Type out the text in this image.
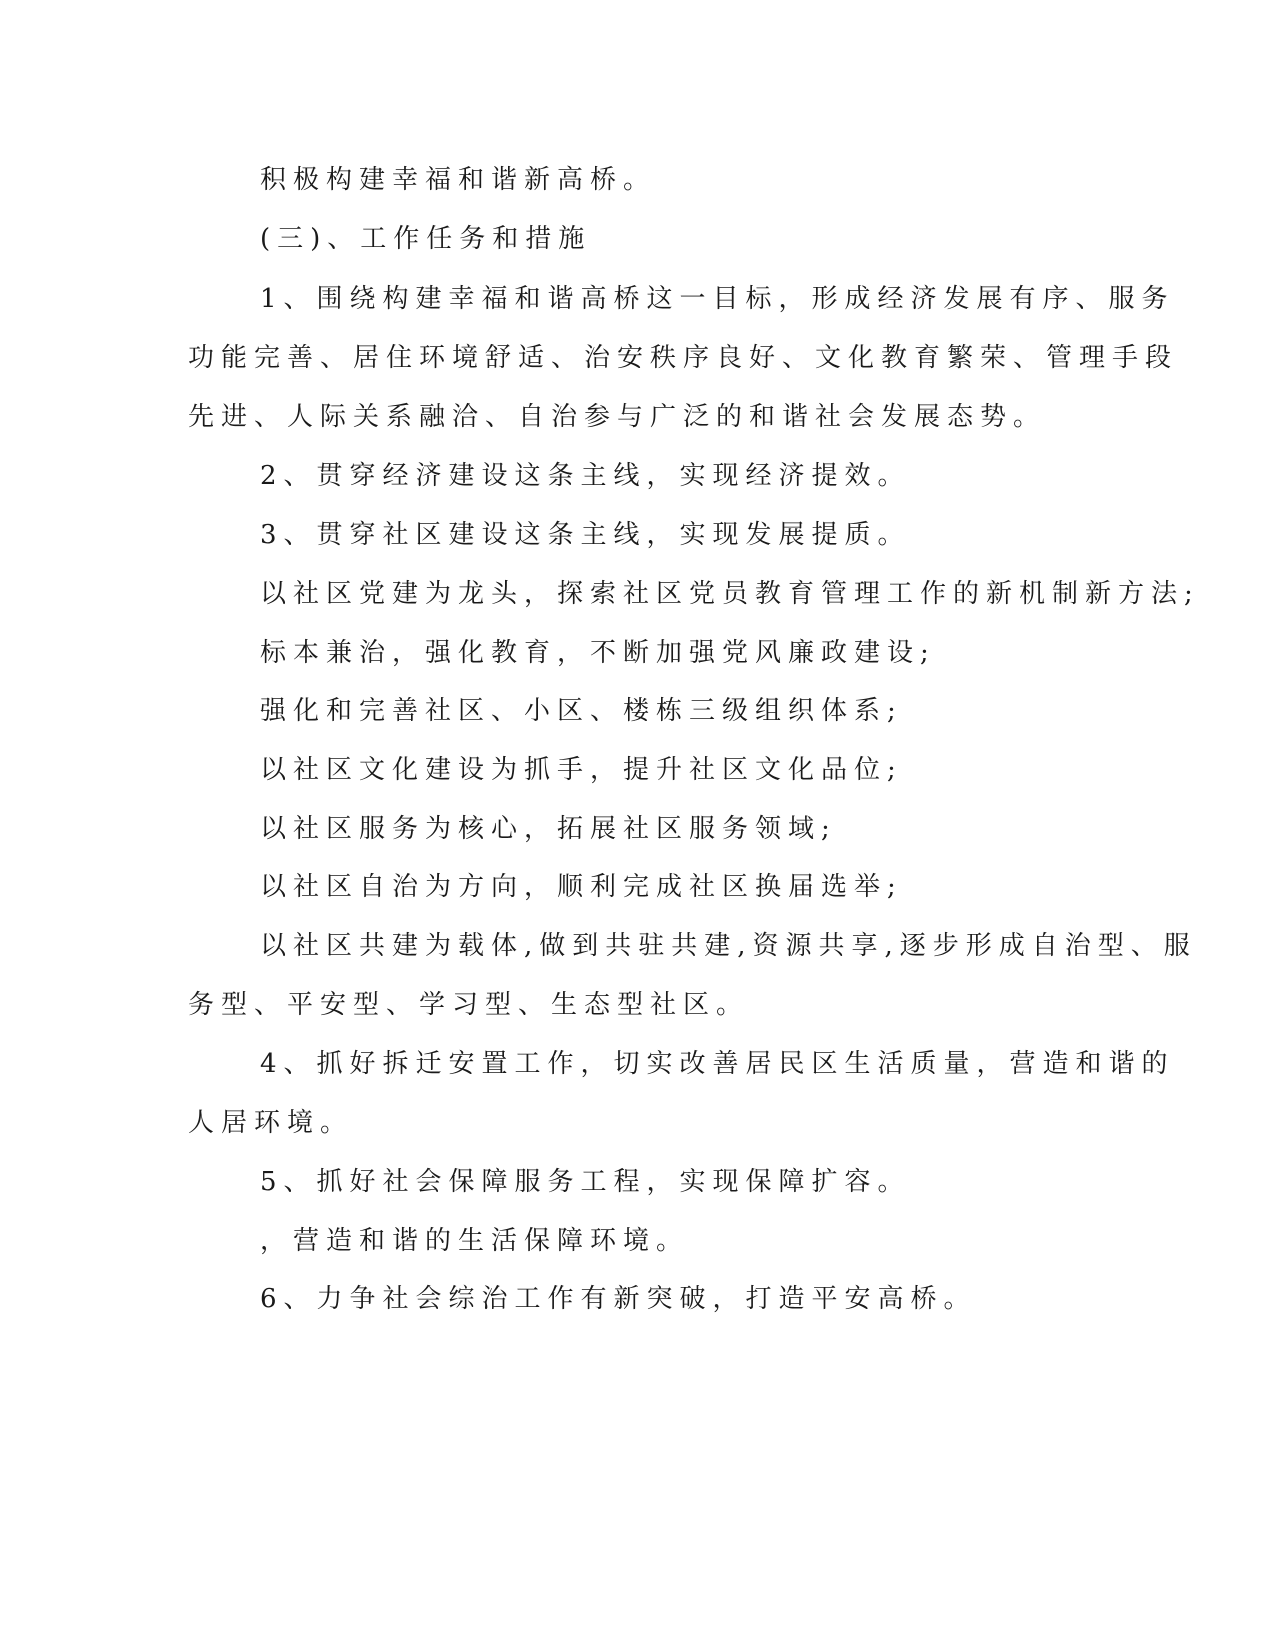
积极构建幸福和谐新高桥。
(三)、工作任务和措施
1、围绕构建幸福和谐高桥这一目标，形成经济发展有序、服务
功能完善、居住环境舒适、治安秩序良好、文化教育繁荣、管理手段
先进、人际关系融洽、自治参与广泛的和谐社会发展态势。
2、贯穿经济建设这条主线，实现经济提效。
3、贯穿社区建设这条主线，实现发展提质。
以社区党建为龙头，探索社区党员教育管理工作的新机制新方法;
标本兼治，强化教育，不断加强党风廉政建设;
强化和完善社区、小区、楼栋三级组织体系;
以社区文化建设为抓手，提升社区文化品位;
以社区服务为核心，拓展社区服务领域;
以社区自治为方向，顺利完成社区换届选举;
以社区共建为载体,做到共驻共建,资源共享,逐步形成自治型、服
务型、平安型、学习型、生态型社区。
4、抓好拆迁安置工作，切实改善居民区生活质量，营造和谐的
人居环境。
5、抓好社会保障服务工程，实现保障扩容。
，营造和谐的生活保障环境。
6、力争社会综治工作有新突破，打造平安高桥。
